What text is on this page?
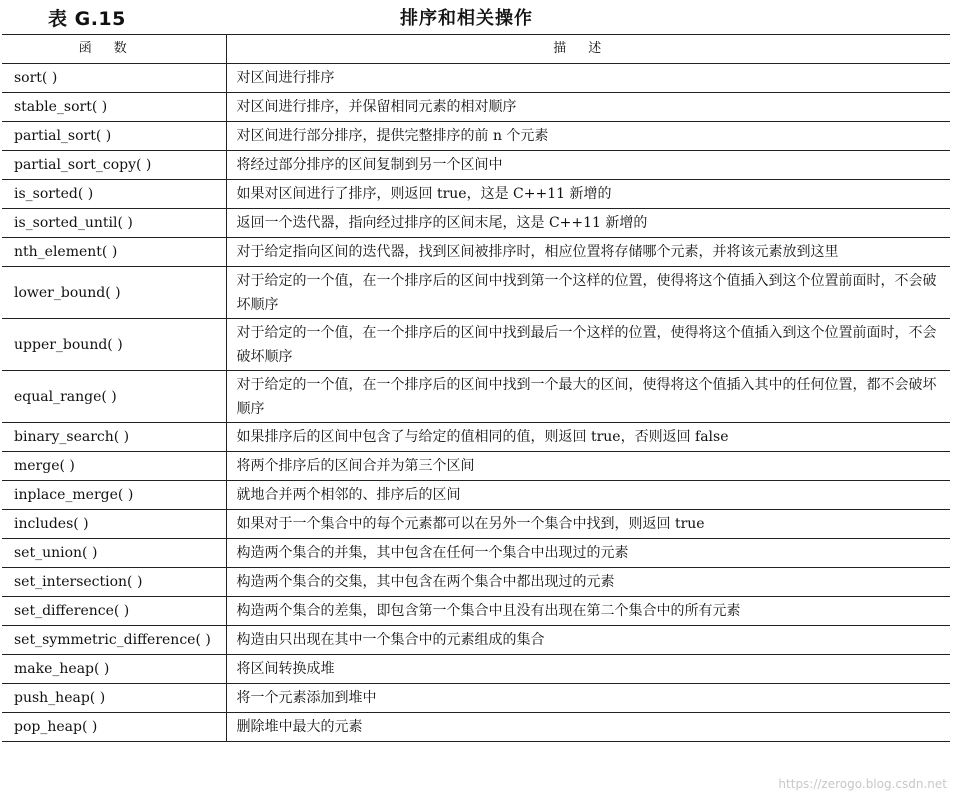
表 G.15	排序和相关操作
函数	描述
sort( )	对区间进行排序
stable_sort( )	对区间进行排序，并保留相同元素的相对顺序
partial_sort( )	对区间进行部分排序，提供完整排序的前 n 个元素
partial_sort_copy( )	将经过部分排序的区间复制到另一个区间中
is_sorted( )	如果对区间进行了排序，则返回 true，这是 C++11 新增的
is_sorted_until( )	返回一个迭代器，指向经过排序的区间末尾，这是 C++11 新增的
nth_element( )	对于给定指向区间的迭代器，找到区间被排序时，相应位置将存储哪个元素，并将该元素放到这里
lower_bound( )	对于给定的一个值，在一个排序后的区间中找到第一个这样的位置，使得将这个值插入到这个位置前面时，不会破坏顺序

upper_bound( )	对于给定的一个值，在一个排序后的区间中找到最后一个这样的位置，使得将这个值插入到这个位置前面时，不会破坏顺序

equal_range( )	对于给定的一个值，在一个排序后的区间中找到一个最大的区间，使得将这个值插入其中的任何位置，都不会破坏顺序

binary_search( )	如果排序后的区间中包含了与给定的值相同的值，则返回 true，否则返回 false
merge( )	将两个排序后的区间合并为第三个区间
inplace_merge( )	就地合并两个相邻的、排序后的区间
includes( )	如果对于一个集合中的每个元素都可以在另外一个集合中找到，则返回 true
set_union( )	构造两个集合的并集，其中包含在任何一个集合中出现过的元素
set_intersection( )	构造两个集合的交集，其中包含在两个集合中都出现过的元素
set_difference( )	构造两个集合的差集，即包含第一个集合中且没有出现在第二个集合中的所有元素
set_symmetric_difference( )	构造由只出现在其中一个集合中的元素组成的集合
make_heap( )	将区间转换成堆
push_heap( )	将一个元素添加到堆中
pop_heap( )	删除堆中最大的元素
https://zerogo.blog.csdn.net
